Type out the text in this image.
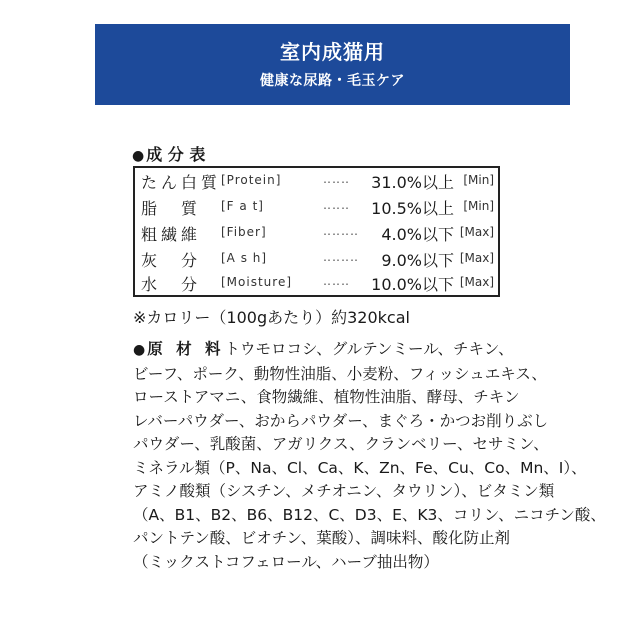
室内成猫用
健康な尿路・毛玉ケア
● 成 分 表
たん白質 [Protein]	‥‥‥	31.0%以上 [Min]
脂　質	[F a t]	‥‥‥	10.5%以上 [Min]
粗繊維	[Fiber]	‥‥‥‥	4.0%以下 [Max]
灰　分	[A s h]	‥‥‥‥	9.0%以下 [Max]
水　分	[Moisture]	‥‥‥	10.0%以下 [Max]
※カロリー（100gあたり）約320kcal
● 原 材 料トウモロコシ、グルテンミール、チキン、
ビーフ、ポーク、動物性油脂、小麦粉、フィッシュエキス、
ローストアマニ、食物繊維、植物性油脂、酵母、チキン
レバーパウダー、おからパウダー、まぐろ・かつお削りぶし
パウダー、乳酸菌、アガリクス、クランベリー、セサミン、
ミネラル類（P、Na、Cl、Ca、K、Zn、Fe、Cu、Co、Mn、I）、
アミノ酸類（シスチン、メチオニン、タウリン）、ビタミン類
（A、B1、B2、B6、B12、C、D3、E、K3、コリン、ニコチン酸、
パントテン酸、ビオチン、葉酸）、調味料、酸化防止剤
（ミックストコフェロール、ハーブ抽出物）
